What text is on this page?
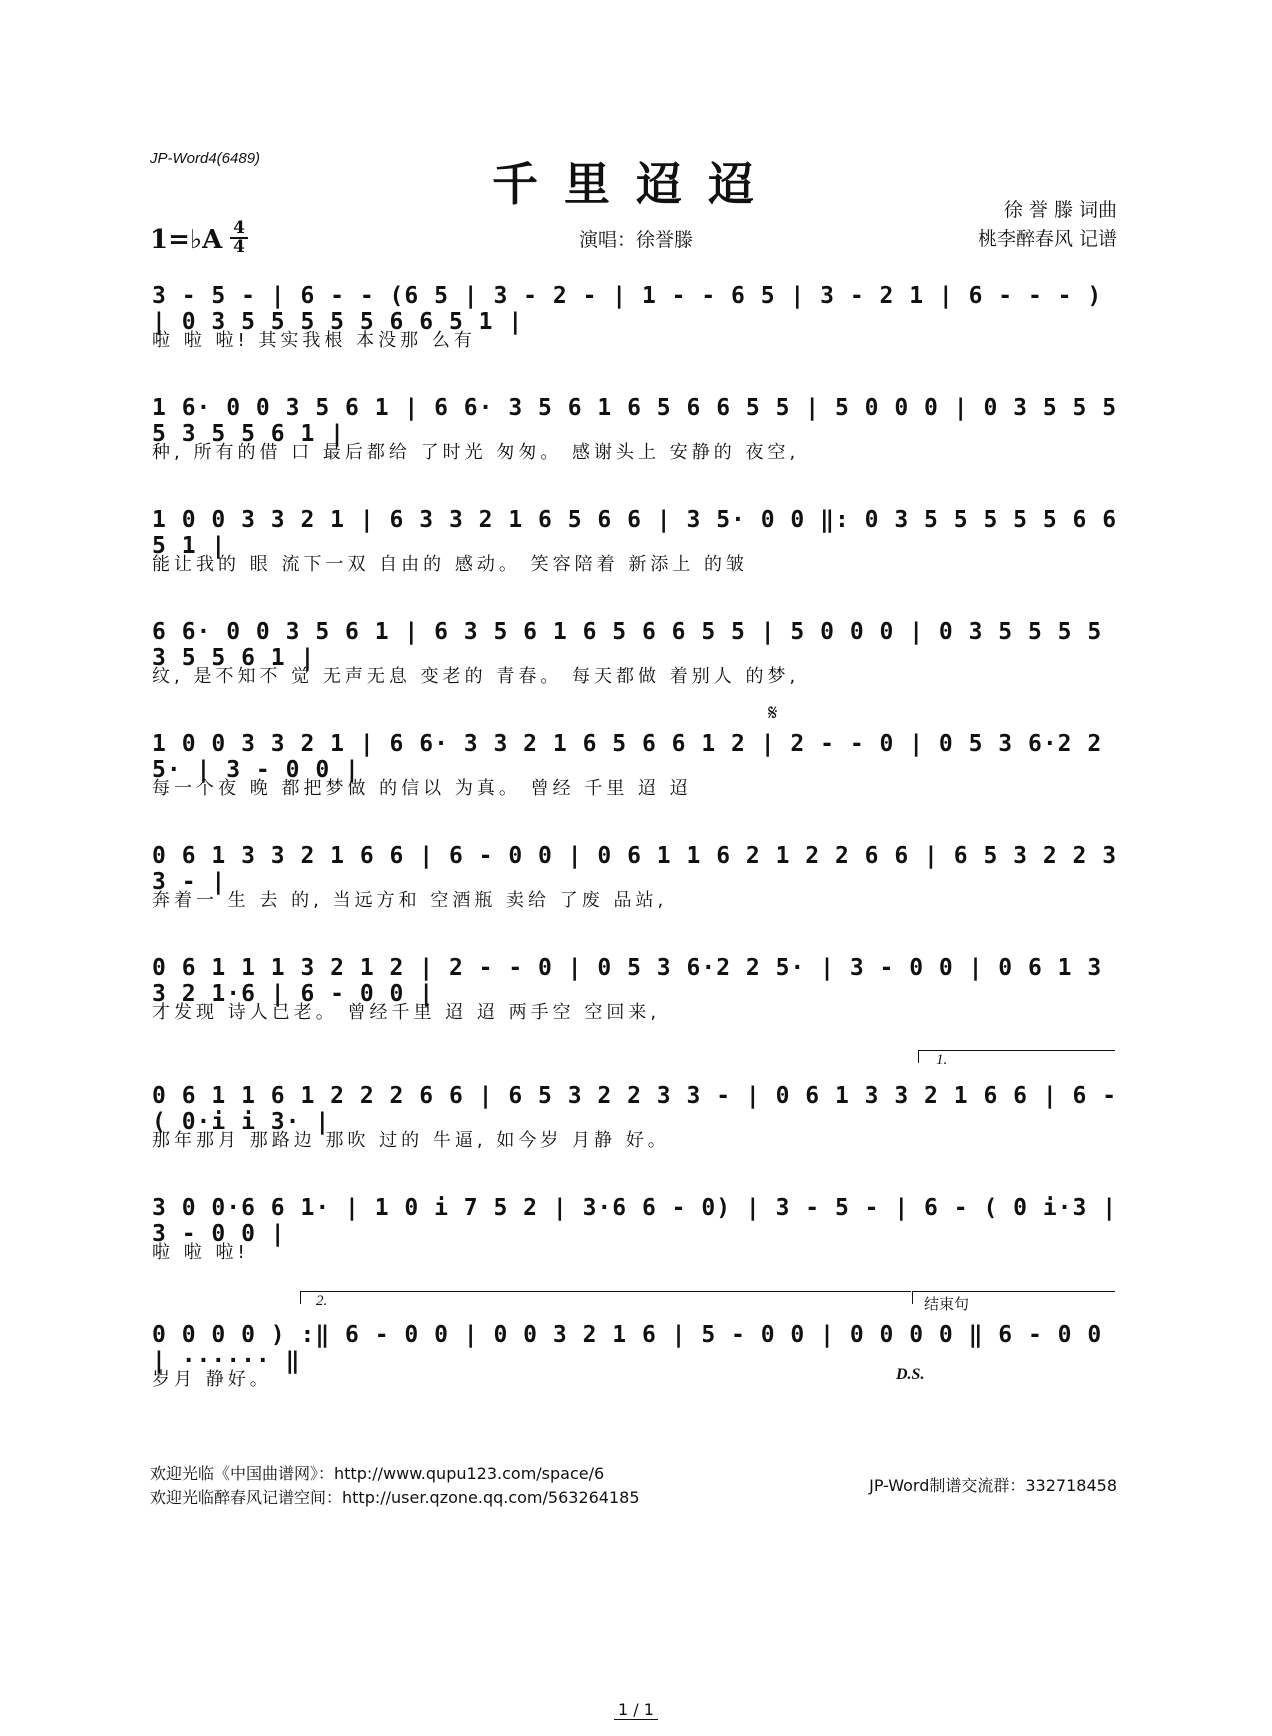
JP-Word4(6489)	千里迢迢
1=♭A 4
4	演唱：徐誉滕
徐 誉 滕 词曲
桃李醉春风 记谱
3 - 5 - | 6 - - (6 5 | 3 - 2 - | 1 - - 6 5 | 3 - 2 1 | 6 - - - ) | 0 3 5 5 5 5 5 6 6 5 1 |
啦 啦 啦! 其实我根 本没那 么有
1 6· 0 0 3 5 6 1 | 6 6· 3 5 6 1 6 5 6 6 5 5 | 5 0 0 0 | 0 3 5 5 5 5 3 5 5 6 1 |
种, 所有的借 口 最后都给 了时光 匆匆。 感谢头上 安静的 夜空,
1 0 0 3 3 2 1 | 6 3 3 2 1 6 5 6 6 | 3 5· 0 0 ‖: 0 3 5 5 5 5 5 6 6 5 1 |
能让我的 眼 流下一双 自由的 感动。 笑容陪着 新添上 的皱
6 6· 0 0 3 5 6 1 | 6 3 5 6 1 6 5 6 6 5 5 | 5 0 0 0 | 0 3 5 5 5 5 3 5 5 6 1 |
纹, 是不知不 觉 无声无息 变老的 青春。 每天都做 着别人 的梦,
𝄋
1 0 0 3 3 2 1 | 6 6· 3 3 2 1 6 5 6 6 1 2 | 2 - - 0 | 0 5 3 6·2 2 5· | 3 - 0 0 |
每一个夜 晚 都把梦做 的信以 为真。 曾经 千里 迢 迢
0 6 1 3 3 2 1 6 6 | 6 - 0 0 | 0 6 1 1 6 2 1 2 2 6 6 | 6 5 3 2 2 3 3 - |
奔着一 生 去 的, 当远方和 空酒瓶 卖给 了废 品站,
0 6 1 1 1 3 2 1 2 | 2 - - 0 | 0 5 3 6·2 2 5· | 3 - 0 0 | 0 6 1 3 3 2 1·6 | 6 - 0 0 |
才发现 诗人已老。 曾经千里 迢 迢 两手空 空回来,
1.
0 6 1 1 6 1 2 2 2 6 6 | 6 5 3 2 2 3 3 - | 0 6 1 3 3 2 1 6 6 | 6 - ( 0·i i 3· |
那年那月 那路边 那吹 过的 牛逼, 如今岁 月静 好。
3 0 0·6 6 1· | 1 0 i 7 5 2 | 3·6 6 - 0) | 3 - 5 - | 6 - ( 0 i·3 | 3 - 0 0 |
啦 啦 啦!
2.	结束句
0 0 0 0 ) :‖ 6 - 0 0 | 0 0 3 2 1 6 | 5 - 0 0 | 0 0 0 0 ‖ 6 - 0 0 | ······ ‖
岁月 静好。	D.S.
欢迎光临《中国曲谱网》：http://www.qupu123.com/space/6
欢迎光临醉春风记谱空间：http://user.qzone.qq.com/563264185
JP-Word制谱交流群：332718458
1 / 1
